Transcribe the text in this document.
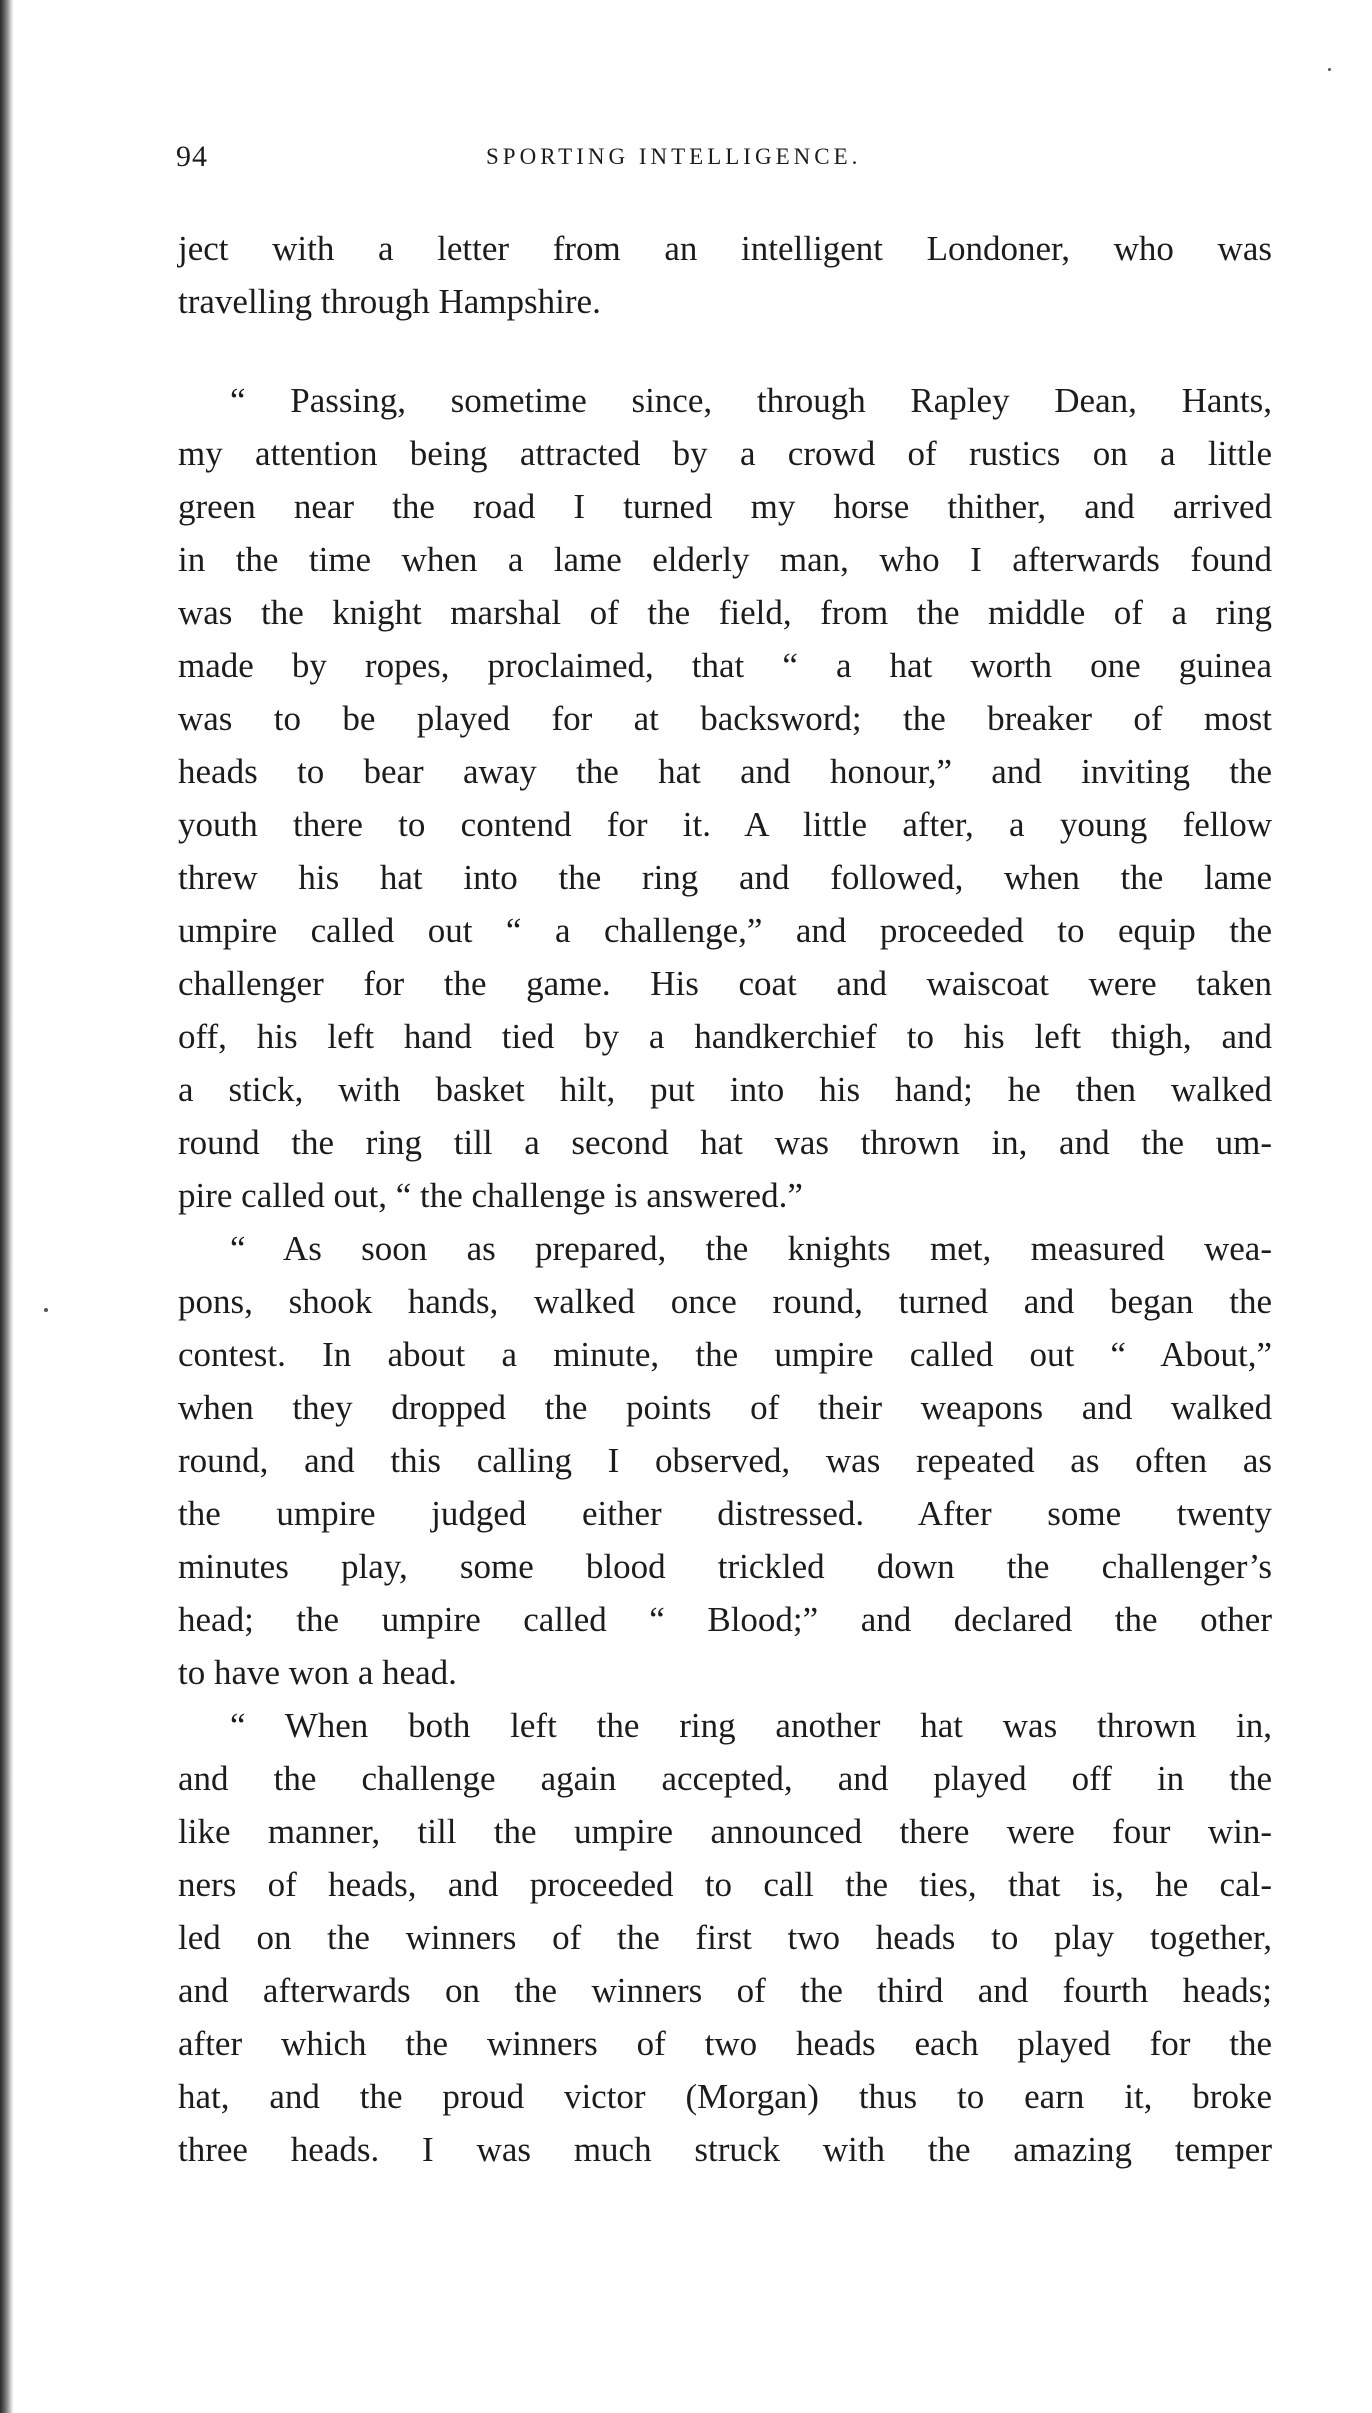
94	SPORTING INTELLIGENCE.
ject with a letter from an intelligent Londoner, who was
travelling through Hampshire.
“ Passing, sometime since, through Rapley Dean, Hants,
my attention being attracted by a crowd of rustics on a little
green near the road I turned my horse thither, and arrived
in the time when a lame elderly man, who I afterwards found
was the knight marshal of the field, from the middle of a ring
made by ropes, proclaimed, that “ a hat worth one guinea
was to be played for at backsword; the breaker of most
heads to bear away the hat and honour,” and inviting the
youth there to contend for it. A little after, a young fellow
threw his hat into the ring and followed, when the lame
umpire called out “ a challenge,” and proceeded to equip the
challenger for the game. His coat and waiscoat were taken
off, his left hand tied by a handkerchief to his left thigh, and
a stick, with basket hilt, put into his hand; he then walked
round the ring till a second hat was thrown in, and the um-
pire called out, “ the challenge is answered.”
“ As soon as prepared, the knights met, measured wea-
pons, shook hands, walked once round, turned and began the
contest. In about a minute, the umpire called out “ About,”
when they dropped the points of their weapons and walked
round, and this calling I observed, was repeated as often as
the umpire judged either distressed. After some twenty
minutes play, some blood trickled down the challenger’s
head; the umpire called “ Blood;” and declared the other
to have won a head.
“ When both left the ring another hat was thrown in,
and the challenge again accepted, and played off in the
like manner, till the umpire announced there were four win-
ners of heads, and proceeded to call the ties, that is, he cal-
led on the winners of the first two heads to play together,
and afterwards on the winners of the third and fourth heads;
after which the winners of two heads each played for the
hat, and the proud victor (Morgan) thus to earn it, broke
three heads. I was much struck with the amazing temper
